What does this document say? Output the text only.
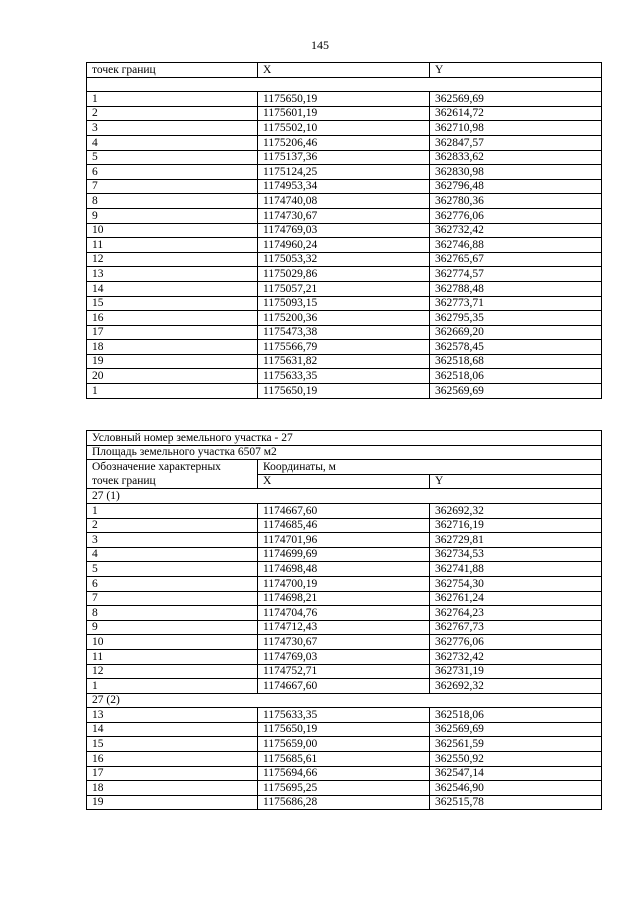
145
точек границ	X	Y

1	1175650,19	362569,69
2	1175601,19	362614,72
3	1175502,10	362710,98
4	1175206,46	362847,57
5	1175137,36	362833,62
6	1175124,25	362830,98
7	1174953,34	362796,48
8	1174740,08	362780,36
9	1174730,67	362776,06
10	1174769,03	362732,42
11	1174960,24	362746,88
12	1175053,32	362765,67
13	1175029,86	362774,57
14	1175057,21	362788,48
15	1175093,15	362773,71
16	1175200,36	362795,35
17	1175473,38	362669,20
18	1175566,79	362578,45
19	1175631,82	362518,68
20	1175633,35	362518,06
1	1175650,19	362569,69
Условный номер земельного участка - 27		
Площадь земельного участка 6507 м2		

Обозначение характерных
точек границ	Координаты, м	
	X	Y
27 (1)		
1	1174667,60	362692,32
2	1174685,46	362716,19
3	1174701,96	362729,81
4	1174699,69	362734,53
5	1174698,48	362741,88
6	1174700,19	362754,30
7	1174698,21	362761,24
8	1174704,76	362764,23
9	1174712,43	362767,73
10	1174730,67	362776,06
11	1174769,03	362732,42
12	1174752,71	362731,19
1	1174667,60	362692,32
27 (2)		
13	1175633,35	362518,06
14	1175650,19	362569,69
15	1175659,00	362561,59
16	1175685,61	362550,92
17	1175694,66	362547,14
18	1175695,25	362546,90
19	1175686,28	362515,78
